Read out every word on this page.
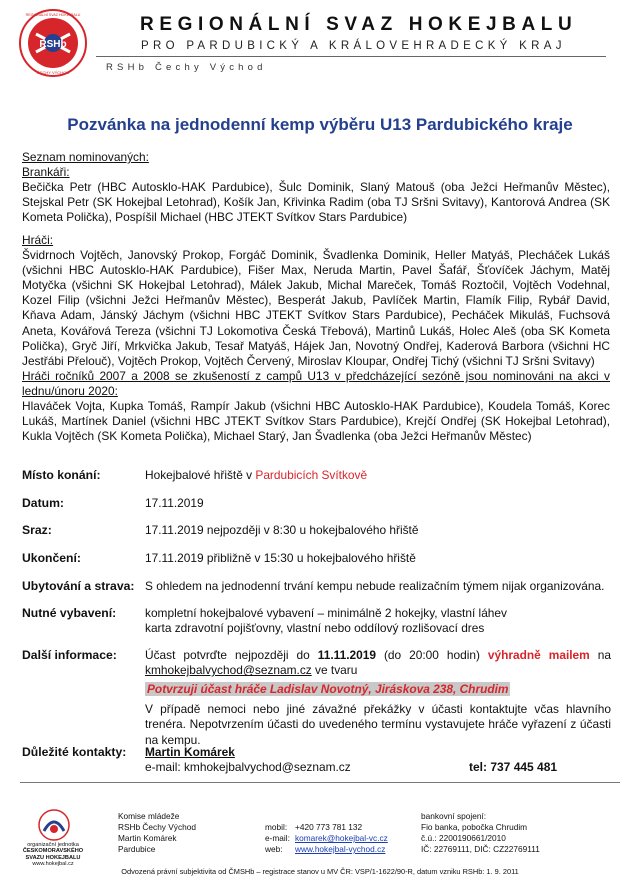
RSHb
REGIONÁLNÍ SVAZ HOKEJBALU
ČECHY VÝCHOD
REGIONÁLNÍ SVAZ HOKEJBALU
PRO PARDUBICKÝ A KRÁLOVEHRADECKÝ KRAJ
RSHb Čechy Východ
Pozvánka na jednodenní kemp výběru U13 Pardubického kraje
Seznam nominovaných:
Brankáři:
Bečička Petr (HBC Autosklo-HAK Pardubice), Šulc Dominik, Slaný Matouš (oba Ježci Heřmanův Městec), Stejskal Petr (SK Hokejbal Letohrad), Košík Jan, Křivinka Radim (oba TJ Sršni Svitavy), Kantorová Andrea (SK Kometa Polička), Pospíšil Michael (HBC JTEKT Svítkov Stars Pardubice)
Hráči:
Švidrnoch Vojtěch, Janovský Prokop, Forgáč Dominik, Švadlenka Dominik, Heller Matyáš, Plecháček Lukáš (všichni HBC Autosklo-HAK Pardubice), Fišer Max, Neruda Martin, Pavel Šafář, Šťovíček Jáchym, Matěj Motyčka (všichni SK Hokejbal Letohrad), Málek Jakub, Michal Mareček, Tomáš Roztočil, Vojtěch Vodehnal, Kozel Filip (všichni Ježci Heřmanův Městec), Besperát Jakub, Pavlíček Martin, Flamík Filip, Rybář David, Kňava Adam, Jánský Jáchym (všichni HBC JTEKT Svítkov Stars Pardubice), Pecháček Mikuláš, Fuchsová Aneta, Kovářová Tereza (všichni TJ Lokomotiva Česká Třebová), Martinů Lukáš, Holec Aleš (oba SK Kometa Polička), Gryč Jiří, Mrkvička Jakub, Tesař Matyáš, Hájek Jan, Novotný Ondřej, Kaderová Barbora (všichni HC Jestřábi Přelouč), Vojtěch Prokop, Vojtěch Červený, Miroslav Kloupar, Ondřej Tichý (všichni TJ Sršni Svitavy)
Hráči ročníků 2007 a 2008 se zkušeností z campů U13 v předcházející sezóně jsou nominováni na akci v lednu/únoru 2020:
Hlaváček Vojta, Kupka Tomáš, Rampír Jakub (všichni HBC Autosklo-HAK Pardubice), Koudela Tomáš, Korec Lukáš, Martínek Daniel (všichni HBC JTEKT Svítkov Stars Pardubice), Krejčí Ondřej (SK Hokejbal Letohrad), Kukla Vojtěch (SK Kometa Polička), Michael Starý, Jan Švadlenka (oba Ježci Heřmanův Městec)
Místo konání:	Hokejbalové hřiště v Pardubicích Svítkově
Datum:	17.11.2019
Sraz:	17.11.2019 nejpozději v 8:30 u hokejbalového hřiště
Ukončení:	17.11.2019 přibližně v 15:30 u hokejbalového hřiště
Ubytování a strava: S ohledem na jednodenní trvání kempu nebude realizačním týmem nijak organizována.
Nutné vybavení: kompletní hokejbalové vybavení – minimálně 2 hokejky, vlastní láhev
karta zdravotní pojišťovny, vlastní nebo oddílový rozlišovací dres
Další informace: Účast potvrďte nejpozději do 11.11.2019 (do 20:00 hodin) výhradně mailem na kmhokejbalvychod@seznam.cz ve tvaru
Potvrzuji účast hráče Ladislav Novotný, Jiráskova 238, Chrudim
V případě nemoci nebo jiné závažné překážky v účasti kontaktujte včas hlavního trenéra. Nepotvrzením účasti do uvedeného termínu vystavujete hráče vyřazení z účasti na kempu.
Důležité kontakty: Martin Komárek
e-mail: kmhokejbalvychod@seznam.cz	tel: 737 445 481
organizační jednotka
ČESKOMORAVSKÉHO
SVAZU HOKEJBALU
www.hokejbal.cz
Komise mládeže
RSHb Čechy Východ
Martin Komárek
Pardubice
mobil: +420 773 781 132
e-mail: komarek@hokejbal-vc.cz
web: www.hokejbal-vychod.cz
bankovní spojení:
Fio banka, pobočka Chrudim
č.ú.: 2200190661/2010
IČ: 22769111, DIČ: CZ22769111
Odvozená právní subjektivita od ČMSHb – registrace stanov u MV ČR: VSP/1-1622/90-R, datum vzniku RSHb: 1. 9. 2011
